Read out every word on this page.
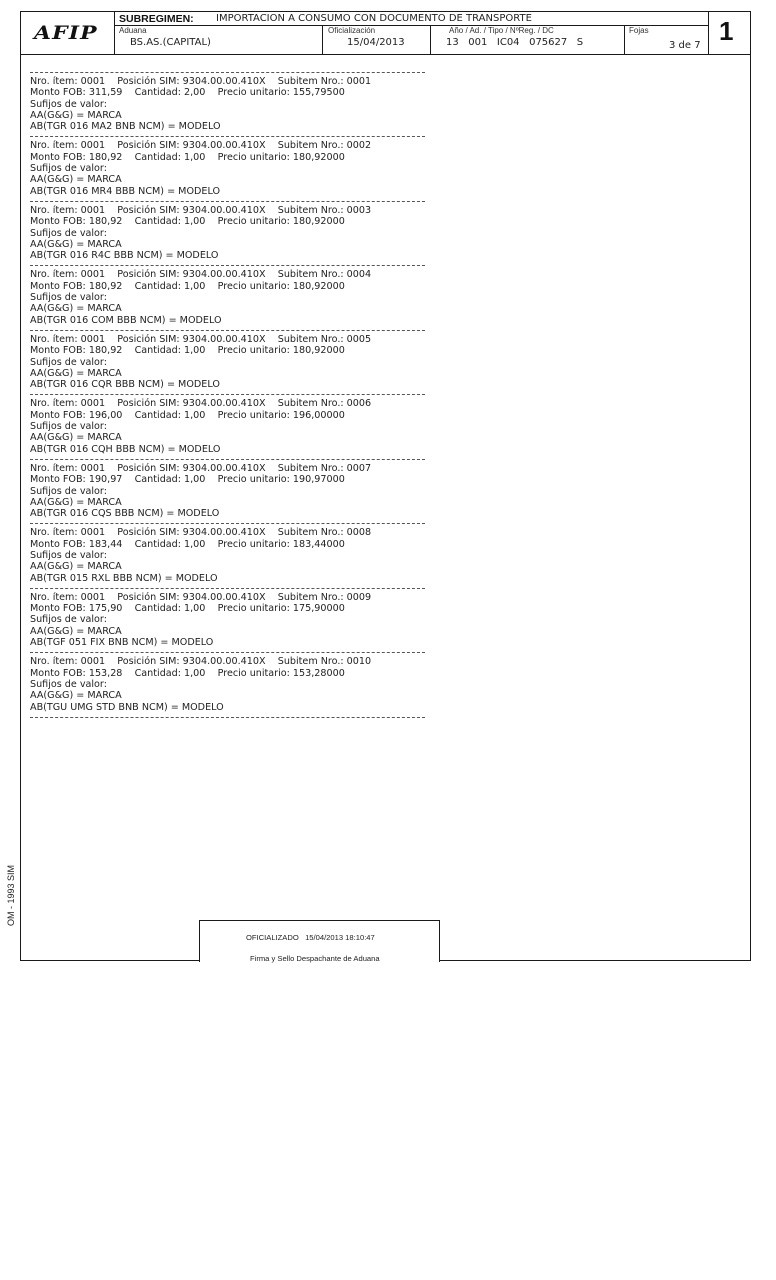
AFIP
SUBREGIMEN: IMPORTACION A CONSUMO CON DOCUMENTO DE TRANSPORTE
Aduana
BS.AS.(CAPITAL)
Oficialización
15/04/2013
Año / Ad. / Tipo / NºReg. / DC
13   001   IC04   075627   S
Fojas
3 de 7 1
Nro. ítem: 0001    Posición SIM: 9304.00.00.410X    Subitem Nro.: 0001
Monto FOB: 311,59    Cantidad: 2,00    Precio unitario: 155,79500
Sufijos de valor:
AA(G&G) = MARCA
AB(TGR 016 MA2 BNB NCM) = MODELO
Nro. ítem: 0001    Posición SIM: 9304.00.00.410X    Subitem Nro.: 0002
Monto FOB: 180,92    Cantidad: 1,00    Precio unitario: 180,92000
Sufijos de valor:
AA(G&G) = MARCA
AB(TGR 016 MR4 BBB NCM) = MODELO
Nro. ítem: 0001    Posición SIM: 9304.00.00.410X    Subitem Nro.: 0003
Monto FOB: 180,92    Cantidad: 1,00    Precio unitario: 180,92000
Sufijos de valor:
AA(G&G) = MARCA
AB(TGR 016 R4C BBB NCM) = MODELO
Nro. ítem: 0001    Posición SIM: 9304.00.00.410X    Subitem Nro.: 0004
Monto FOB: 180,92    Cantidad: 1,00    Precio unitario: 180,92000
Sufijos de valor:
AA(G&G) = MARCA
AB(TGR 016 COM BBB NCM) = MODELO
Nro. ítem: 0001    Posición SIM: 9304.00.00.410X    Subitem Nro.: 0005
Monto FOB: 180,92    Cantidad: 1,00    Precio unitario: 180,92000
Sufijos de valor:
AA(G&G) = MARCA
AB(TGR 016 CQR BBB NCM) = MODELO
Nro. ítem: 0001    Posición SIM: 9304.00.00.410X    Subitem Nro.: 0006
Monto FOB: 196,00    Cantidad: 1,00    Precio unitario: 196,00000
Sufijos de valor:
AA(G&G) = MARCA
AB(TGR 016 CQH BBB NCM) = MODELO
Nro. ítem: 0001    Posición SIM: 9304.00.00.410X    Subitem Nro.: 0007
Monto FOB: 190,97    Cantidad: 1,00    Precio unitario: 190,97000
Sufijos de valor:
AA(G&G) = MARCA
AB(TGR 016 CQS BBB NCM) = MODELO
Nro. ítem: 0001    Posición SIM: 9304.00.00.410X    Subitem Nro.: 0008
Monto FOB: 183,44    Cantidad: 1,00    Precio unitario: 183,44000
Sufijos de valor:
AA(G&G) = MARCA
AB(TGR 015 RXL BBB NCM) = MODELO
Nro. ítem: 0001    Posición SIM: 9304.00.00.410X    Subitem Nro.: 0009
Monto FOB: 175,90    Cantidad: 1,00    Precio unitario: 175,90000
Sufijos de valor:
AA(G&G) = MARCA
AB(TGF 051 FIX BNB NCM) = MODELO
Nro. ítem: 0001    Posición SIM: 9304.00.00.410X    Subitem Nro.: 0010
Monto FOB: 153,28    Cantidad: 1,00    Precio unitario: 153,28000
Sufijos de valor:
AA(G&G) = MARCA
AB(TGU UMG STD BNB NCM) = MODELO
OFICIALIZADO   15/04/2013 18:10:47
Firma y Sello Despachante de Aduana
OM - 1993 SIM
